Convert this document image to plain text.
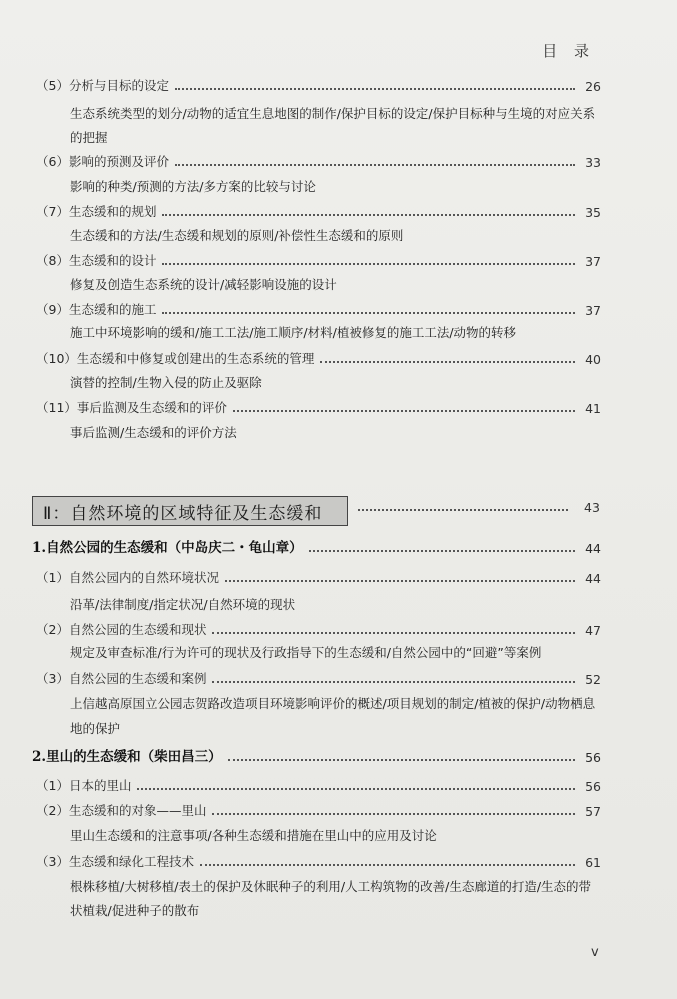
目 录
（5）分析与目标的设定	26
生态系统类型的划分/动物的适宜生息地图的制作/保护目标的设定/保护目标种与生境的对应关系
的把握
（6）影响的预测及评价	33
影响的种类/预测的方法/多方案的比较与讨论
（7）生态缓和的规划	35
生态缓和的方法/生态缓和规划的原则/补偿性生态缓和的原则
（8）生态缓和的设计	37
修复及创造生态系统的设计/减轻影响设施的设计
（9）生态缓和的施工	37
施工中环境影响的缓和/施工工法/施工顺序/材料/植被修复的施工工法/动物的转移
（10）生态缓和中修复或创建出的生态系统的管理	40
演替的控制/生物入侵的防止及驱除
（11）事后监测及生态缓和的评价	41
事后监测/生态缓和的评价方法
Ⅱ：自然环境的区域特征及生态缓和	43
1.自然公园的生态缓和（中岛庆二・龟山章）	44
（1）自然公园内的自然环境状况	44
沿革/法律制度/指定状况/自然环境的现状
（2）自然公园的生态缓和现状	47
规定及审查标准/行为许可的现状及行政指导下的生态缓和/自然公园中的“回避”等案例
（3）自然公园的生态缓和案例	52
上信越高原国立公园志贺路改造项目环境影响评价的概述/项目规划的制定/植被的保护/动物栖息
地的保护
2.里山的生态缓和（柴田昌三）	56
（1）日本的里山	56
（2）生态缓和的对象——里山	57
里山生态缓和的注意事项/各种生态缓和措施在里山中的应用及讨论
（3）生态缓和绿化工程技术	61
根株移植/大树移植/表土的保护及休眠种子的利用/人工构筑物的改善/生态廊道的打造/生态的带
状植栽/促进种子的散布
v
